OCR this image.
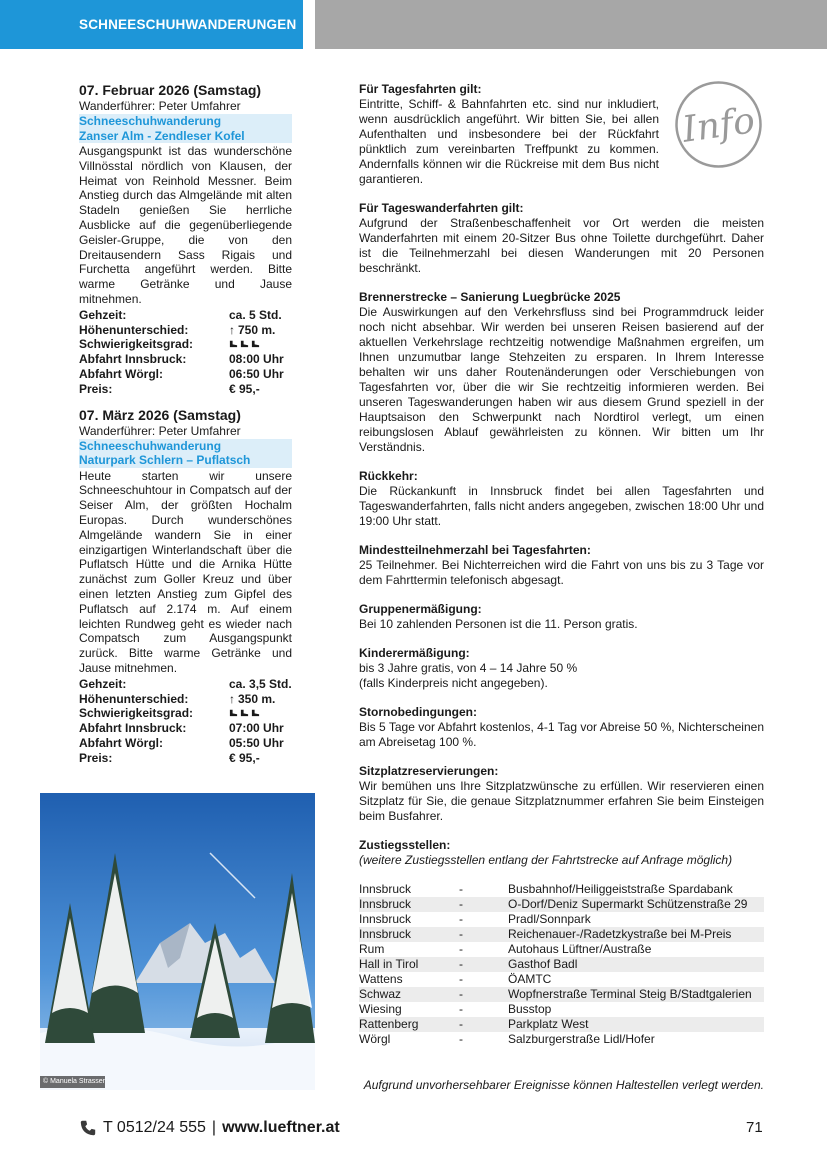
SCHNEESCHUHWANDERUNGEN
07. Februar 2026 (Samstag)
Wanderführer: Peter Umfahrer
Schneeschuhwanderung
Zanser Alm - Zendleser Kofel
Ausgangspunkt ist das wunderschöne Villnösstal nördlich von Klausen, der Heimat von Reinhold Messner. Beim Anstieg durch das Almgelände mit alten Stadeln genießen Sie herrliche Ausblicke auf die gegenüberliegende Geisler-Gruppe, die von den Dreitausendern Sass Rigais und Furchetta angeführt werden. Bitte warme Getränke und Jause mitnehmen.
Gehzeit:	ca. 5 Std.
Höhenunterschied:	↑ 750 m.
Schwierigkeitsgrad:
Abfahrt Innsbruck:	08:00 Uhr
Abfahrt Wörgl:	06:50 Uhr
Preis:	€ 95,-
07. März 2026 (Samstag)
Wanderführer: Peter Umfahrer
Schneeschuhwanderung
Naturpark Schlern – Puflatsch
Heute starten wir unsere Schneeschuhtour in Compatsch auf der Seiser Alm, der größten Hochalm Europas. Durch wunderschönes Almgelände wandern Sie in einer einzigartigen Winterlandschaft über die Puflatsch Hütte und die Arnika Hütte zunächst zum Goller Kreuz und über einen letzten Anstieg zum Gipfel des Puflatsch auf 2.174 m. Auf einem leichten Rundweg geht es wieder nach Compatsch zum Ausgangspunkt zurück. Bitte warme Getränke und Jause mitnehmen.
Gehzeit:	ca. 3,5 Std.
Höhenunterschied:	↑ 350 m.
Schwierigkeitsgrad:
Abfahrt Innsbruck:	07:00 Uhr
Abfahrt Wörgl:	05:50 Uhr
Preis:	€ 95,-
Info
Für Tagesfahrten gilt:
Eintritte, Schiff- & Bahnfahrten etc. sind nur inkludiert, wenn ausdrücklich angeführt. Wir bitten Sie, bei allen Aufenthalten und insbesondere bei der Rückfahrt pünktlich zum vereinbarten Treffpunkt zu kommen. Andernfalls können wir die Rückreise mit dem Bus nicht garantieren.
Für Tageswanderfahrten gilt:
Aufgrund der Straßenbeschaffenheit vor Ort werden die meisten Wanderfahrten mit einem 20-Sitzer Bus ohne Toilette durchgeführt. Daher ist die Teilnehmerzahl bei diesen Wanderungen mit 20 Personen beschränkt.
Brennerstrecke – Sanierung Luegbrücke 2025
Die Auswirkungen auf den Verkehrsfluss sind bei Programmdruck leider noch nicht absehbar. Wir werden bei unseren Reisen basierend auf der aktuellen Verkehrslage rechtzeitig notwendige Maßnahmen ergreifen, um Ihnen unzumutbar lange Stehzeiten zu ersparen. In Ihrem Interesse behalten wir uns daher Routenänderungen oder Verschiebungen von Tagesfahrten vor, über die wir Sie rechtzeitig informieren werden. Bei unseren Tageswanderungen haben wir aus diesem Grund speziell in der Hauptsaison den Schwerpunkt nach Nordtirol verlegt, um einen reibungslosen Ablauf gewährleisten zu können. Wir bitten um Ihr Verständnis.
Rückkehr:
Die Rückankunft in Innsbruck findet bei allen Tagesfahrten und Tageswanderfahrten, falls nicht anders angegeben, zwischen 18:00 Uhr und 19:00 Uhr statt.
Mindestteilnehmerzahl bei Tagesfahrten:
25 Teilnehmer. Bei Nichterreichen wird die Fahrt von uns bis zu 3 Tage vor dem Fahrttermin telefonisch abgesagt.
Gruppenermäßigung:
Bei 10 zahlenden Personen ist die 11. Person gratis.
Kinderermäßigung:
bis 3 Jahre gratis, von 4 – 14 Jahre 50 %
(falls Kinderpreis nicht angegeben).
Stornobedingungen:
Bis 5 Tage vor Abfahrt kostenlos, 4-1 Tag vor Abreise 50 %, Nichterscheinen am Abreisetag 100 %.
Sitzplatzreservierungen:
Wir bemühen uns Ihre Sitzplatzwünsche zu erfüllen. Wir reservieren einen Sitzplatz für Sie, die genaue Sitzplatznummer erfahren Sie beim Einsteigen beim Busfahrer.
Zustiegsstellen:
(weitere Zustiegsstellen entlang der Fahrtstrecke auf Anfrage möglich)
Innsbruck	-	Busbahnhof/Heiliggeiststraße Spardabank
Innsbruck	-	O-Dorf/Deniz Supermarkt Schützenstraße 29
Innsbruck	-	Pradl/Sonnpark
Innsbruck	-	Reichenauer-/Radetzkystraße bei M-Preis
Rum	-	Autohaus Lüftner/Austraße
Hall in Tirol	-	Gasthof Badl
Wattens	-	ÖAMTC
Schwaz	-	Wopfnerstraße Terminal Steig B/Stadtgalerien
Wiesing	-	Busstop
Rattenberg	-	Parkplatz West
Wörgl	-	Salzburgerstraße Lidl/Hofer
Aufgrund unvorhersehbarer Ereignisse können Haltestellen verlegt werden.
© Manuela Strasser
T 0512/24 555 | www.lueftner.at	71
